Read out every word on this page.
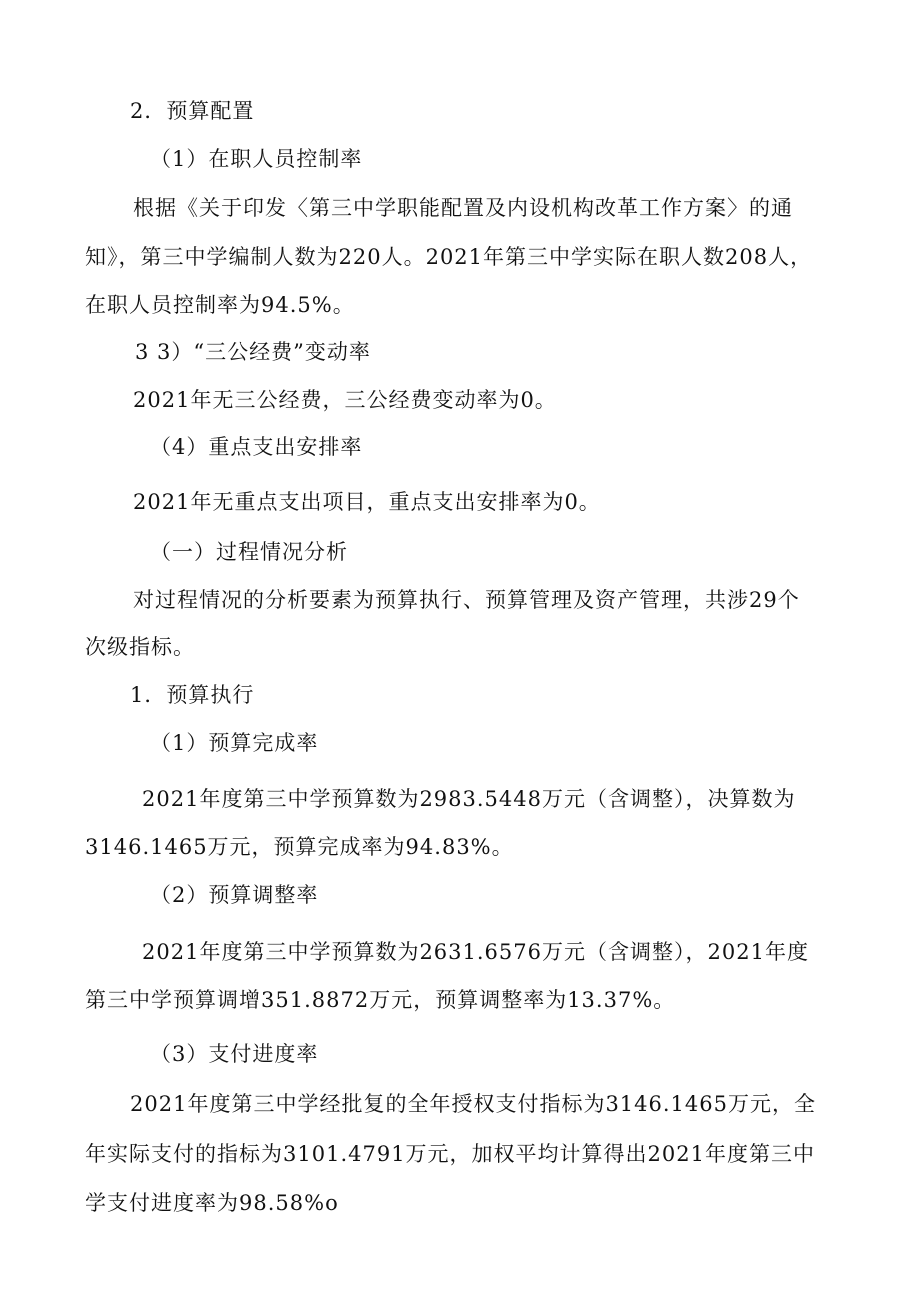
2．预算配置
（1）在职人员控制率
根据《关于印发〈第三中学职能配置及内设机构改革工作方案〉的通
知》，第三中学编制人数为220人。2021年第三中学实际在职人数208人，
在职人员控制率为94.5%。
3 3）“三公经费”变动率
2021年无三公经费，三公经费变动率为0。
（4）重点支出安排率
2021年无重点支出项目，重点支出安排率为0。
（一）过程情况分析
对过程情况的分析要素为预算执行、预算管理及资产管理，共涉29个
次级指标。
1．预算执行
（1）预算完成率
2021年度第三中学预算数为2983.5448万元（含调整），决算数为
3146.1465万元，预算完成率为94.83%。
（2）预算调整率
2021年度第三中学预算数为2631.6576万元（含调整），2021年度
第三中学预算调增351.8872万元，预算调整率为13.37%。
（3）支付进度率
2021年度第三中学经批复的全年授权支付指标为3146.1465万元，全
年实际支付的指标为3101.4791万元，加权平均计算得出2021年度第三中
学支付进度率为98.58%o
